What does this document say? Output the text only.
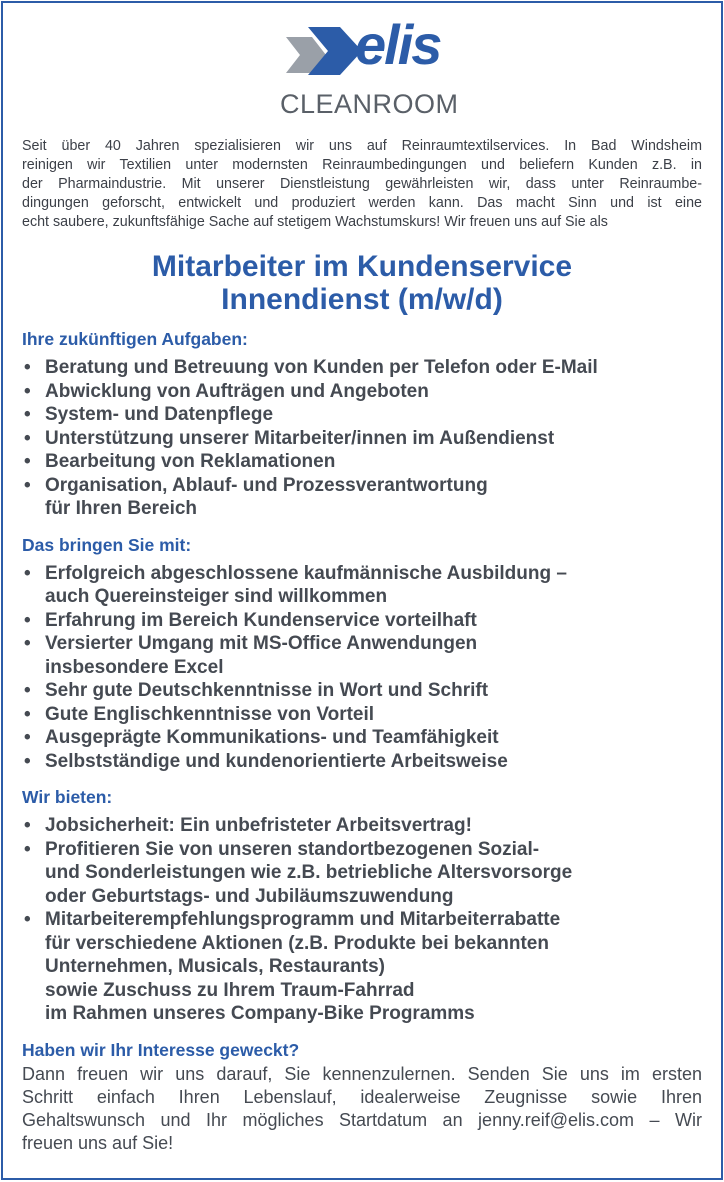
elis
CLEANROOM
Seit über 40 Jahren spezialisieren wir uns auf Reinraumtextilservices. In Bad Windsheim
reinigen wir Textilien unter modernsten Reinraumbedingungen und beliefern Kunden z.B. in
der Pharmaindustrie. Mit unserer Dienstleistung gewährleisten wir, dass unter Reinraumbe-
dingungen geforscht, entwickelt und produziert werden kann. Das macht Sinn und ist eine
echt saubere, zukunftsfähige Sache auf stetigem Wachstumskurs! Wir freuen uns auf Sie als
Mitarbeiter im Kundenservice
Innendienst (m/w/d)
Ihre zukünftigen Aufgaben:
• Beratung und Betreuung von Kunden per Telefon oder E-Mail
• Abwicklung von Aufträgen und Angeboten
• System- und Datenpflege
• Unterstützung unserer Mitarbeiter/innen im Außendienst
• Bearbeitung von Reklamationen
• Organisation, Ablauf- und Prozessverantwortung
für Ihren Bereich
Das bringen Sie mit:
• Erfolgreich abgeschlossene kaufmännische Ausbildung –
auch Quereinsteiger sind willkommen
• Erfahrung im Bereich Kundenservice vorteilhaft
• Versierter Umgang mit MS-Office Anwendungen
insbesondere Excel
• Sehr gute Deutschkenntnisse in Wort und Schrift
• Gute Englischkenntnisse von Vorteil
• Ausgeprägte Kommunikations- und Teamfähigkeit
• Selbstständige und kundenorientierte Arbeitsweise
Wir bieten:
• Jobsicherheit: Ein unbefristeter Arbeitsvertrag!
• Profitieren Sie von unseren standortbezogenen Sozial-
und Sonderleistungen wie z.B. betriebliche Altersvorsorge
oder Geburtstags- und Jubiläumszuwendung
• Mitarbeiterempfehlungsprogramm und Mitarbeiterrabatte
für verschiedene Aktionen (z.B. Produkte bei bekannten
Unternehmen, Musicals, Restaurants)
sowie Zuschuss zu Ihrem Traum-Fahrrad
im Rahmen unseres Company-Bike Programms
Haben wir Ihr Interesse geweckt?
Dann freuen wir uns darauf, Sie kennenzulernen. Senden Sie uns im ersten
Schritt einfach Ihren Lebenslauf, idealerweise Zeugnisse sowie Ihren
Gehaltswunsch und Ihr mögliches Startdatum an jenny.reif@elis.com – Wir
freuen uns auf Sie!
